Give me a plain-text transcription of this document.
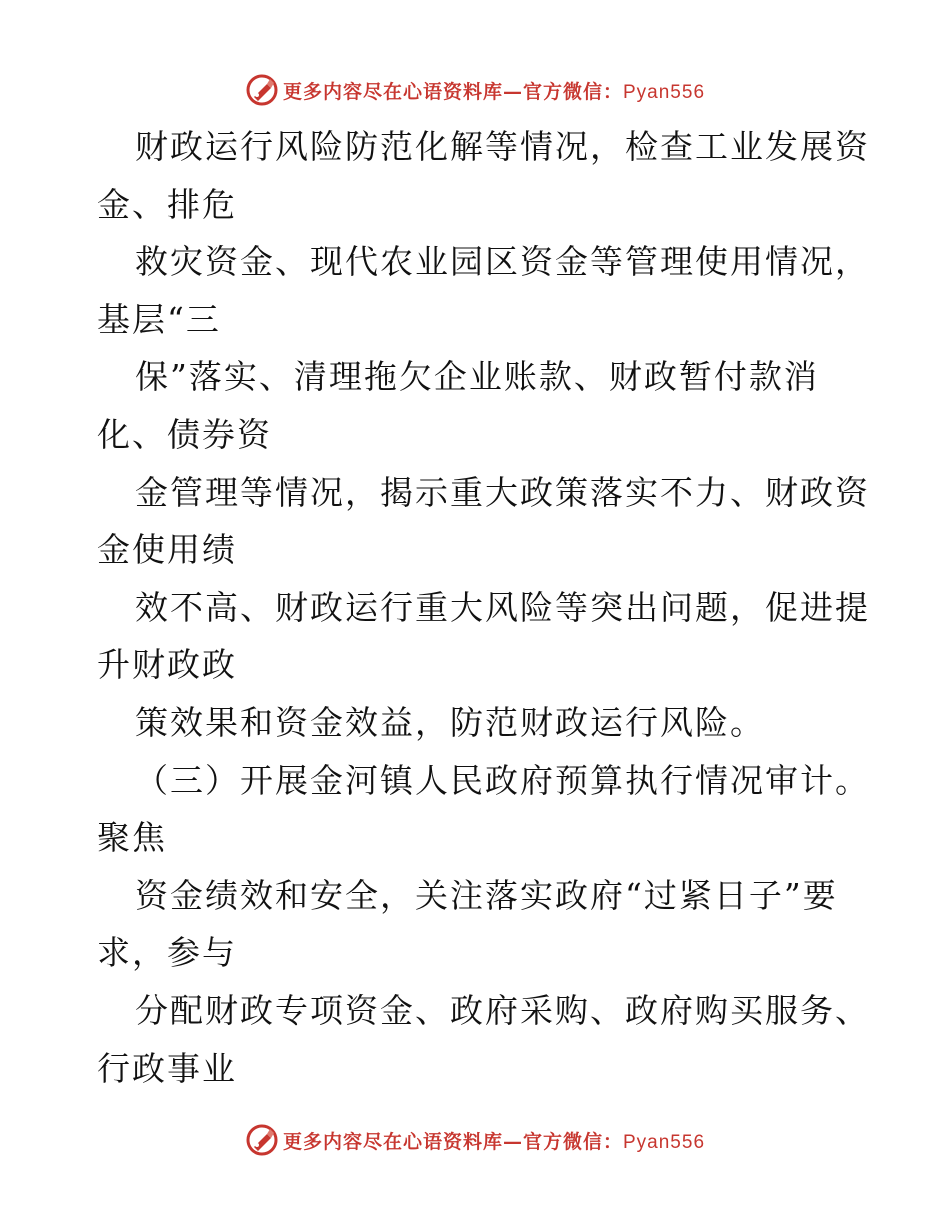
更多内容尽在心语资料库—官方微信：Pyan556
财政运行风险防范化解等情况，检查工业发展资
金、排危
救灾资金、现代农业园区资金等管理使用情况，
基层“三
保”落实、清理拖欠企业账款、财政暂付款消
化、债券资
金管理等情况，揭示重大政策落实不力、财政资
金使用绩
效不高、财政运行重大风险等突出问题，促进提
升财政政
策效果和资金效益，防范财政运行风险。
（三）开展金河镇人民政府预算执行情况审计。
聚焦
资金绩效和安全，关注落实政府“过紧日子”要
求，参与
分配财政专项资金、政府采购、政府购买服务、
行政事业
更多内容尽在心语资料库—官方微信：Pyan556
